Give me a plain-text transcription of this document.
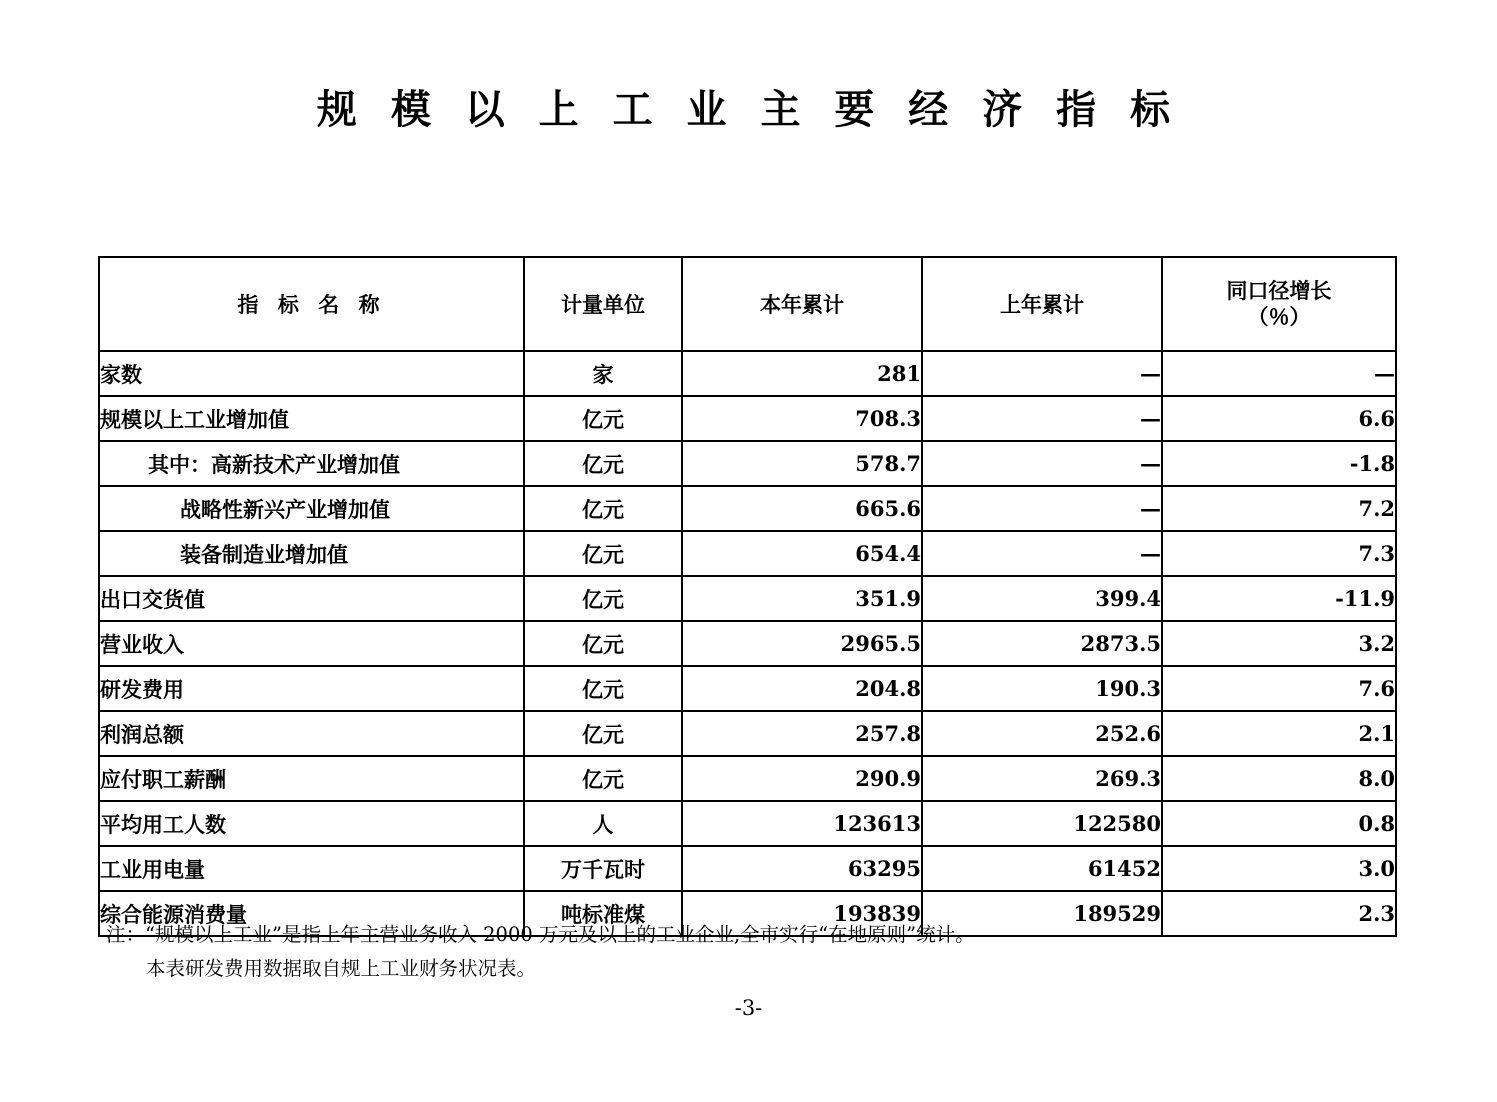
规 模 以 上 工 业 主 要 经 济 指 标
指 标 名 称	计量单位	本年累计	上年累计	同口径增长
（％）

家数	家	281	—	—
规模以上工业增加值	亿元	708.3	—	6.6
其中：高新技术产业增加值	亿元	578.7	—	-1.8
战略性新兴产业增加值	亿元	665.6	—	7.2
装备制造业增加值	亿元	654.4	—	7.3
出口交货值	亿元	351.9	399.4	-11.9
营业收入	亿元	2965.5	2873.5	3.2
研发费用	亿元	204.8	190.3	7.6
利润总额	亿元	257.8	252.6	2.1
应付职工薪酬	亿元	290.9	269.3	8.0
平均用工人数	人	123613	122580	0.8
工业用电量	万千瓦时	63295	61452	3.0
综合能源消费量	吨标准煤	193839	189529	2.3
注：“规模以上工业”是指上年主营业务收入 2000 万元及以上的工业企业,全市实行“在地原则”统计。
本表研发费用数据取自规上工业财务状况表。
-3-
